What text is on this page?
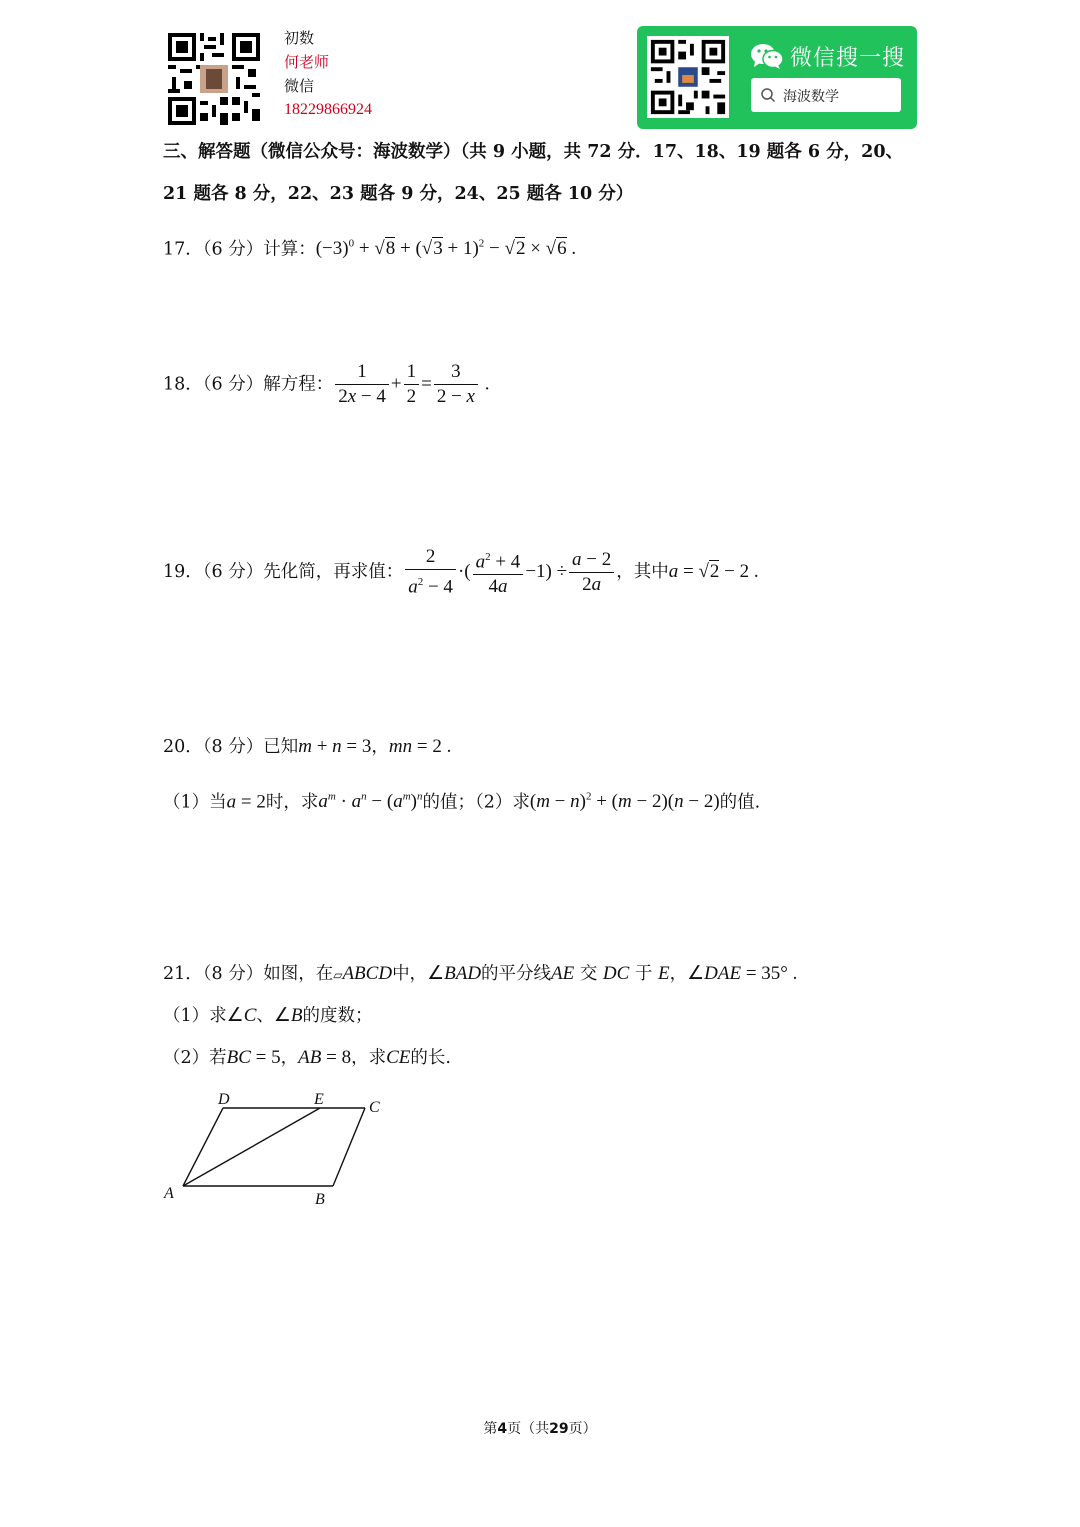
初数
何老师
微信
18229866924
微信搜一搜
海波数学
三、解答题（微信公众号：海波数学）（共 9 小题，共 72 分．17、18、19 题各 6 分，20、
21 题各 8 分，22、23 题各 9 分，24、25 题各 10 分）
17．（6 分）计算：$(-3)^0 + √8 + (√3 + 1)^2 - √2 \times √6$ .
18．（6 分）解方程： $\frac{1}{2x - 4} + \frac{1}{2} = \frac{3}{2 - x}$ .
19．（6 分）先化简，再求值： $\frac{2}{a^2 - 4}$ ·( $\frac{a^2 + 4}{4a} -1) \div \frac{a - 2}{2a}$ ，其中a = √2 − 2 .
20．（8 分）已知m + n = 3，mn = 2 .
（1）当a = 2时，求$a^m \cdot a^n - (a^m)^n$的值；（2）求$(m - n)^2 + (m - 2)(n - 2)$的值.
21．（8 分）如图，在▱ABCD中，∠BAD的平分线AE 交 DC 于 E，∠DAE = 35° .
（1）求∠C、∠B的度数；
（2）若BC = 5，AB = 8，求CE的长.
D	E	C
A	B
第4页（共29页）
